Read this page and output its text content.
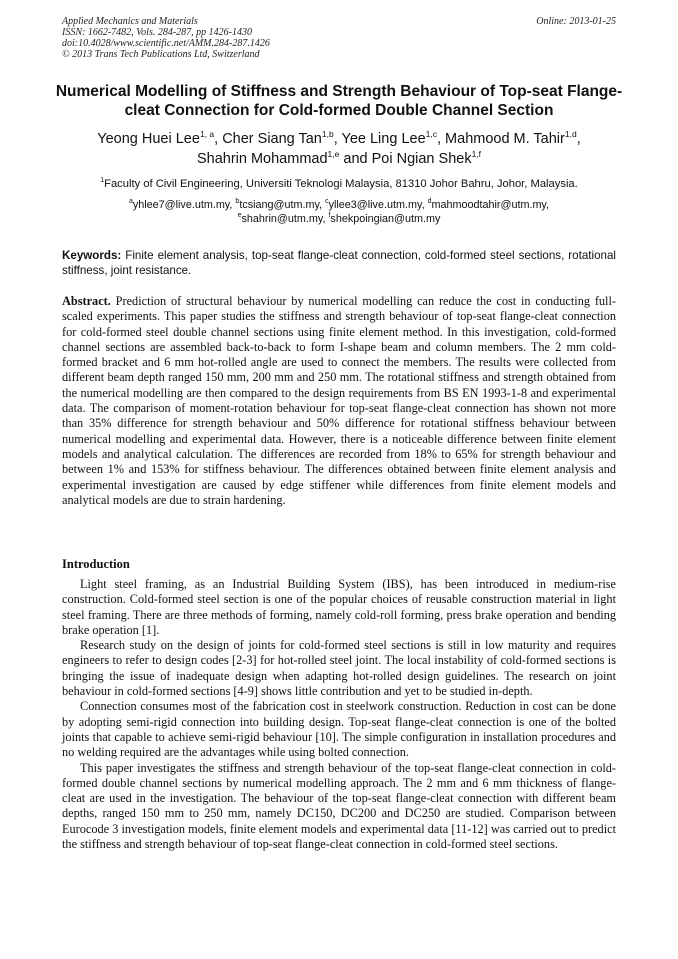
Applied Mechanics and Materials
ISSN: 1662-7482, Vols. 284-287, pp 1426-1430
doi:10.4028/www.scientific.net/AMM.284-287.1426
© 2013 Trans Tech Publications Ltd, Switzerland
Online: 2013-01-25
Numerical Modelling of Stiffness and Strength Behaviour of Top-seat Flange-cleat Connection for Cold-formed Double Channel Section
Yeong Huei Lee$^{1, a}$, Cher Siang Tan$^{1,b}$, Yee Ling Lee$^{1,c}$, Mahmood M. Tahir$^{1,d}$,
Shahrin Mohammad$^{1,e}$ and Poi Ngian Shek$^{1,f}$
$^1$Faculty of Civil Engineering, Universiti Teknologi Malaysia, 81310 Johor Bahru, Johor, Malaysia.
$^a$yhlee7@live.utm.my, $^b$tcsiang@utm.my, $^c$yllee3@live.utm.my, $^d$mahmoodtahir@utm.my,
$^e$shahrin@utm.my, $^f$shekpoingian@utm.my
Keywords: Finite element analysis, top-seat flange-cleat connection, cold-formed steel sections, rotational stiffness, joint resistance.
Abstract. Prediction of structural behaviour by numerical modelling can reduce the cost in conducting full-scaled experiments. This paper studies the stiffness and strength behaviour of top-seat flange-cleat connection for cold-formed steel double channel sections using finite element method. In this investigation, cold-formed channel sections are assembled back-to-back to form I-shape beam and column members. The 2 mm cold-formed bracket and 6 mm hot-rolled angle are used to connect the members. The results were collected from different beam depth ranged 150 mm, 200 mm and 250 mm. The rotational stiffness and strength obtained from the numerical modelling are then compared to the design requirements from BS EN 1993-1-8 and experimental data. The comparison of moment-rotation behaviour for top-seat flange-cleat connection has shown not more than 35% difference for strength behaviour and 50% difference for rotational stiffness behaviour between numerical modelling and experimental data. However, there is a noticeable difference between finite element models and analytical calculation. The differences are recorded from 18% to 65% for strength behaviour and between 1% and 153% for stiffness behaviour. The differences obtained between finite element analysis and experimental investigation are caused by edge stiffener while differences from finite element models and analytical models are due to strain hardening.
Introduction

Light steel framing, as an Industrial Building System (IBS), has been introduced in medium-rise construction. Cold-formed steel section is one of the popular choices of reusable construction material in light steel framing. There are three methods of forming, namely cold-roll forming, press brake operation and bending brake operation [1].

Research study on the design of joints for cold-formed steel sections is still in low maturity and requires engineers to refer to design codes [2-3] for hot-rolled steel joint. The local instability of cold-formed sections is bringing the issue of inadequate design when adapting hot-rolled design guidelines. The research on joint behaviour in cold-formed sections [4-9] shows little contribution and yet to be studied in-depth.

Connection consumes most of the fabrication cost in steelwork construction. Reduction in cost can be done by adopting semi-rigid connection into building design. Top-seat flange-cleat connection is one of the bolted joints that capable to achieve semi-rigid behaviour [10]. The simple configuration in installation procedures and no welding required are the advantages while using bolted connection.

This paper investigates the stiffness and strength behaviour of the top-seat flange-cleat connection in cold-formed double channel sections by numerical modelling approach. The 2 mm and 6 mm thickness of flange-cleat are used in the investigation. The behaviour of the top-seat flange-cleat connection with different beam depths, ranged 150 mm to 250 mm, namely DC150, DC200 and DC250 are studied. Comparison between Eurocode 3 investigation models, finite element models and experimental data [11-12] was carried out to predict the stiffness and strength behaviour of top-seat flange-cleat connection in cold-formed steel sections.
